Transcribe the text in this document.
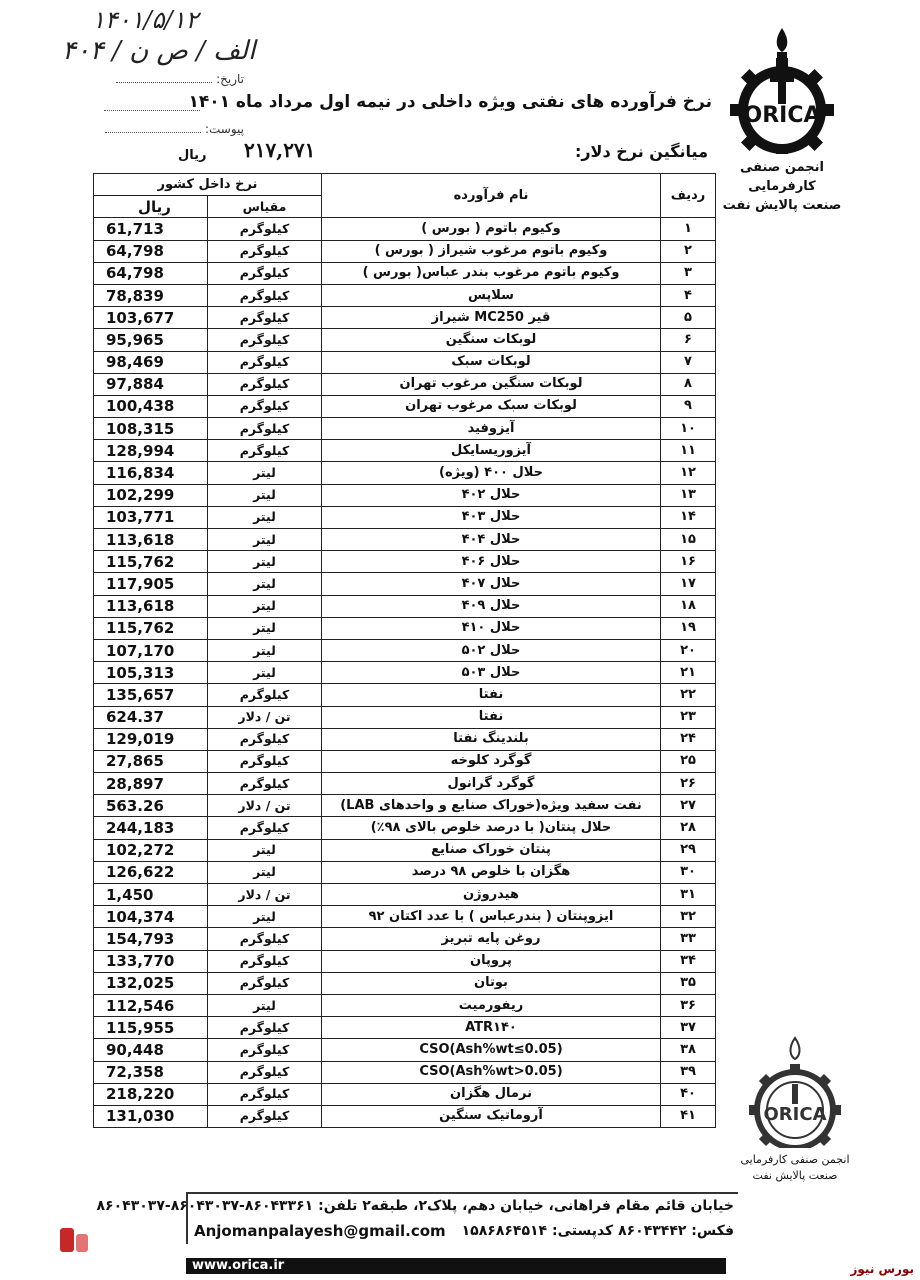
۱۴۰۱/۵/۱۲
۴۰۴ / الف / ص ن
تاریخ:
پیوست:
نرخ فرآورده های نفتی ویژه داخلی در نیمه اول مرداد ماه ۱۴۰۱
میانگین نرخ دلار:
۲۱۷,۲۷۱
ریال
ORICA
انجمن صنفی کارفرمایی
صنعت پالایش نفت
ردیف	نام فرآورده	نرخ داخل کشور	
		مقیاس	ریال
۱	وکیوم باتوم ( بورس )	کیلوگرم	61,713
۲	وکیوم باتوم مرغوب شیراز ( بورس )	کیلوگرم	64,798
۳	وکیوم باتوم مرغوب بندر عباس( بورس )	کیلوگرم	64,798
۴	سلاپس	کیلوگرم	78,839
۵	قیر MC250 شیراز	کیلوگرم	103,677
۶	لوبکات سنگین	کیلوگرم	95,965
۷	لوبکات سبک	کیلوگرم	98,469
۸	لوبکات سنگین مرغوب تهران	کیلوگرم	97,884
۹	لوبکات سبک مرغوب تهران	کیلوگرم	100,438
۱۰	آیزوفید	کیلوگرم	108,315
۱۱	آیزوریسایکل	کیلوگرم	128,994
۱۲	حلال ۴۰۰ (ویژه)	لیتر	116,834
۱۳	حلال ۴۰۲	لیتر	102,299
۱۴	حلال ۴۰۳	لیتر	103,771
۱۵	حلال ۴۰۴	لیتر	113,618
۱۶	حلال ۴۰۶	لیتر	115,762
۱۷	حلال ۴۰۷	لیتر	117,905
۱۸	حلال ۴۰۹	لیتر	113,618
۱۹	حلال ۴۱۰	لیتر	115,762
۲۰	حلال ۵۰۲	لیتر	107,170
۲۱	حلال ۵۰۳	لیتر	105,313
۲۲	نفتا	کیلوگرم	135,657
۲۳	نفتا	تن / دلار	624.37
۲۴	بلندینگ نفتا	کیلوگرم	129,019
۲۵	گوگرد کلوخه	کیلوگرم	27,865
۲۶	گوگرد گرانول	کیلوگرم	28,897
۲۷	نفت سفید ویژه(خوراک صنایع و واحدهای LAB)	تن / دلار	563.26
۲۸	حلال پنتان( با درصد خلوص بالای ۹۸٪)	کیلوگرم	244,183
۲۹	پنتان خوراک صنایع	لیتر	102,272
۳۰	هگزان با خلوص ۹۸ درصد	لیتر	126,622
۳۱	هیدروژن	تن / دلار	1,450
۳۲	ایزوپنتان ( بندرعباس ) با عدد اکتان ۹۲	لیتر	104,374
۳۳	روغن پایه تبریز	کیلوگرم	154,793
۳۴	پروپان	کیلوگرم	133,770
۳۵	بوتان	کیلوگرم	132,025
۳۶	ریفورمیت	لیتر	112,546
۳۷	ATR۱۴۰	کیلوگرم	115,955
۳۸	CSO(Ash%wt≤0.05)	کیلوگرم	90,448
۳۹	CSO(Ash%wt>0.05)	کیلوگرم	72,358
۴۰	نرمال هگزان	کیلوگرم	218,220
۴۱	آروماتیک سنگین	کیلوگرم	131,030	ORICA
انجمن صنفی کارفرمایی
صنعت پالایش نفت
خیابان قائم مقام فراهانی، خیابان دهم، پلاک۲، طبقه۲ تلفن: ۸۶۰۴۳۳۶۱-۸۶۰۴۳۰۳۷-۸۶۰۴۳۰۳۷
فکس: ۸۶۰۴۳۴۴۲ کدپستی: ۱۵۸۶۸۶۴۵۱۴
Anjomanpalayesh@gmail.com
www.orica.ir	بورس نیوز
